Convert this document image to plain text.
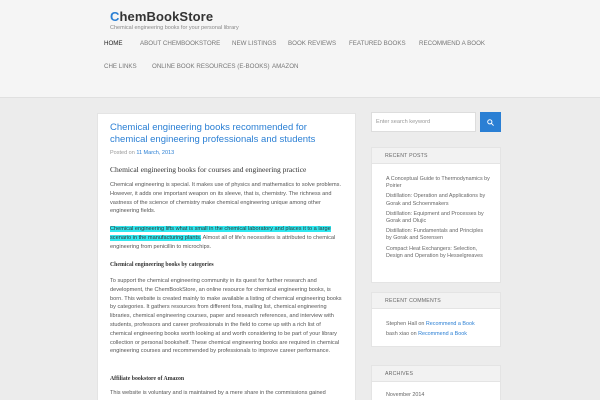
ChemBookStore
Chemical engineering books for your personal library
HOME	ABOUT CHEMBOOKSTORE	NEW LISTINGS	BOOK REVIEWS	FEATURED BOOKS	RECOMMEND A BOOK
CHE LINKS	ONLINE BOOK RESOURCES (E-BOOKS) AMAZON
Chemical engineering books recommended for chemical engineering professionals and students
Posted on 11 March, 2013
Chemical engineering books for courses and engineering practice
Chemical engineering is special. It makes use of physics and mathematics to solve problems. However, it adds one important weapon on its sleeve, that is, chemistry. The richness and vastness of the science of chemistry make chemical engineering unique among other engineering fields.
Chemical engineering lifts what is small in the chemical laboratory and places it to a large scenario in the manufacturing plants. Almost all of life's necessities is attributed to chemical engineering from penicillin to microchips.
Chemical engineering books by categories
To support the chemical engineering community in its quest for further research and development, the ChemBookStore, an online resource for chemical engineering books, is born. This website is created mainly to make available a listing of chemical engineering books by categories. It gathers resources from different fora, mailing list, chemical engineering libraries, chemical engineering courses, paper and research references, and interview with students, professors and career professionals in the field to come up with a rich list of chemical engineering books worth looking at and worth considering to be part of your library collection or personal bookshelf. These chemical engineering books are required in chemical engineering courses and recommended by professionals to improve career performance.
Affiliate bookstore of Amazon
This website is voluntary and is maintained by a mere share in the commissions gained
Enter search keyword
RECENT POSTS
A Conceptual Guide to Thermodynamics by Poirier
Distillation: Operation and Applications by Gorak and Schoenmakers
Distillation: Equipment and Processes by Gorak and Olujic
Distillation: Fundamentals and Principles by Gorak and Sorensen
Compact Heat Exchangers: Selection, Design and Operation by Hesselgreaves
RECENT COMMENTS
Stephen Hall on Recommend a Book
bash xiao on Recommend a Book
ARCHIVES
November 2014
